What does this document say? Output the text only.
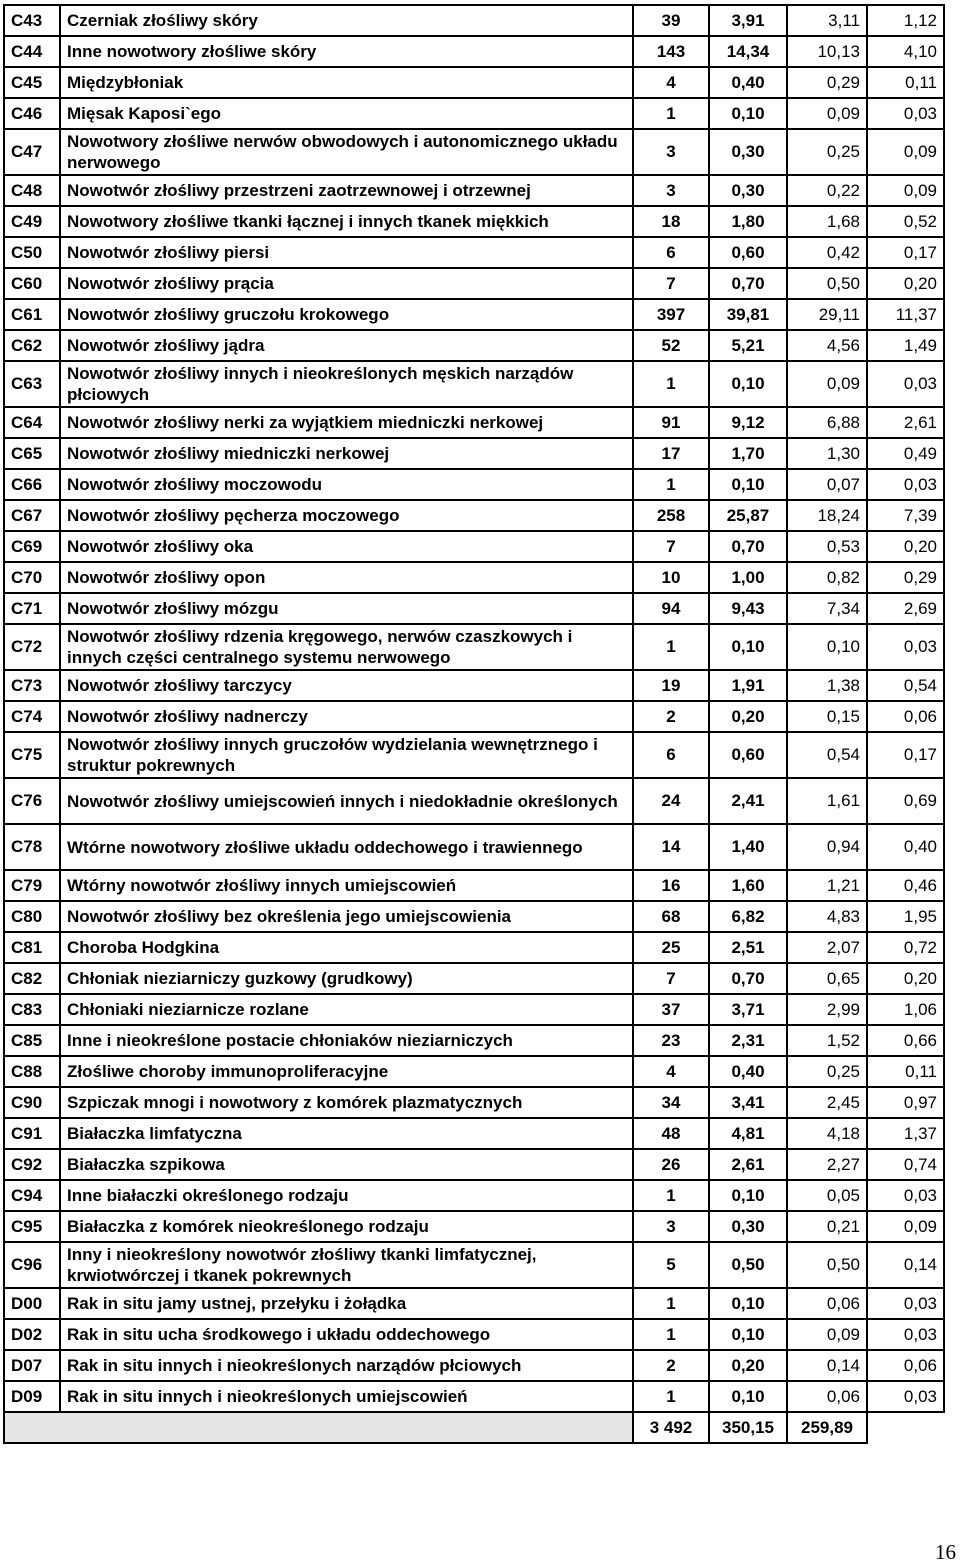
C43	Czerniak złośliwy skóry	39	3,91	3,11	1,12
C44	Inne nowotwory złośliwe skóry	143	14,34	10,13	4,10
C45	Międzybłoniak	4	0,40	0,29	0,11
C46	Mięsak Kaposi`ego	1	0,10	0,09	0,03
C47	Nowotwory złośliwe nerwów obwodowych i autonomicznego układu nerwowego	3	0,30	0,25	0,09
C48	Nowotwór złośliwy przestrzeni zaotrzewnowej i otrzewnej	3	0,30	0,22	0,09
C49	Nowotwory złośliwe tkanki łącznej i innych tkanek miękkich	18	1,80	1,68	0,52
C50	Nowotwór złośliwy piersi	6	0,60	0,42	0,17
C60	Nowotwór złośliwy prącia	7	0,70	0,50	0,20
C61	Nowotwór złośliwy gruczołu krokowego	397	39,81	29,11	11,37
C62	Nowotwór złośliwy jądra	52	5,21	4,56	1,49
C63	Nowotwór złośliwy innych i nieokreślonych męskich narządów płciowych	1	0,10	0,09	0,03
C64	Nowotwór złośliwy nerki za wyjątkiem miedniczki nerkowej	91	9,12	6,88	2,61
C65	Nowotwór złośliwy miedniczki nerkowej	17	1,70	1,30	0,49
C66	Nowotwór złośliwy moczowodu	1	0,10	0,07	0,03
C67	Nowotwór złośliwy pęcherza moczowego	258	25,87	18,24	7,39
C69	Nowotwór złośliwy oka	7	0,70	0,53	0,20
C70	Nowotwór złośliwy opon	10	1,00	0,82	0,29
C71	Nowotwór złośliwy mózgu	94	9,43	7,34	2,69
C72	Nowotwór złośliwy rdzenia kręgowego, nerwów czaszkowych i innych części centralnego systemu nerwowego	1	0,10	0,10	0,03
C73	Nowotwór złośliwy tarczycy	19	1,91	1,38	0,54
C74	Nowotwór złośliwy nadnerczy	2	0,20	0,15	0,06
C75	Nowotwór złośliwy innych gruczołów wydzielania wewnętrznego i struktur pokrewnych	6	0,60	0,54	0,17
C76	Nowotwór złośliwy umiejscowień innych i niedokładnie określonych	24	2,41	1,61	0,69
C78	Wtórne nowotwory złośliwe układu oddechowego i trawiennego	14	1,40	0,94	0,40
C79	Wtórny nowotwór złośliwy innych umiejscowień	16	1,60	1,21	0,46
C80	Nowotwór złośliwy bez określenia jego umiejscowienia	68	6,82	4,83	1,95
C81	Choroba Hodgkina	25	2,51	2,07	0,72
C82	Chłoniak nieziarniczy guzkowy (grudkowy)	7	0,70	0,65	0,20
C83	Chłoniaki nieziarnicze rozlane	37	3,71	2,99	1,06
C85	Inne i nieokreślone postacie chłoniaków nieziarniczych	23	2,31	1,52	0,66
C88	Złośliwe choroby immunoproliferacyjne	4	0,40	0,25	0,11
C90	Szpiczak mnogi i nowotwory z komórek plazmatycznych	34	3,41	2,45	0,97
C91	Białaczka limfatyczna	48	4,81	4,18	1,37
C92	Białaczka szpikowa	26	2,61	2,27	0,74
C94	Inne białaczki określonego rodzaju	1	0,10	0,05	0,03
C95	Białaczka z komórek nieokreślonego rodzaju	3	0,30	0,21	0,09
C96	Inny i nieokreślony nowotwór złośliwy tkanki limfatycznej, krwiotwórczej i tkanek pokrewnych	5	0,50	0,50	0,14
D00	Rak in situ jamy ustnej, przełyku i żołądka	1	0,10	0,06	0,03
D02	Rak in situ ucha środkowego i układu oddechowego	1	0,10	0,09	0,03
D07	Rak in situ innych i nieokreślonych narządów płciowych	2	0,20	0,14	0,06
D09	Rak in situ innych i nieokreślonych umiejscowień	1	0,10	0,06	0,03
		3 492	350,15	259,89	
16
